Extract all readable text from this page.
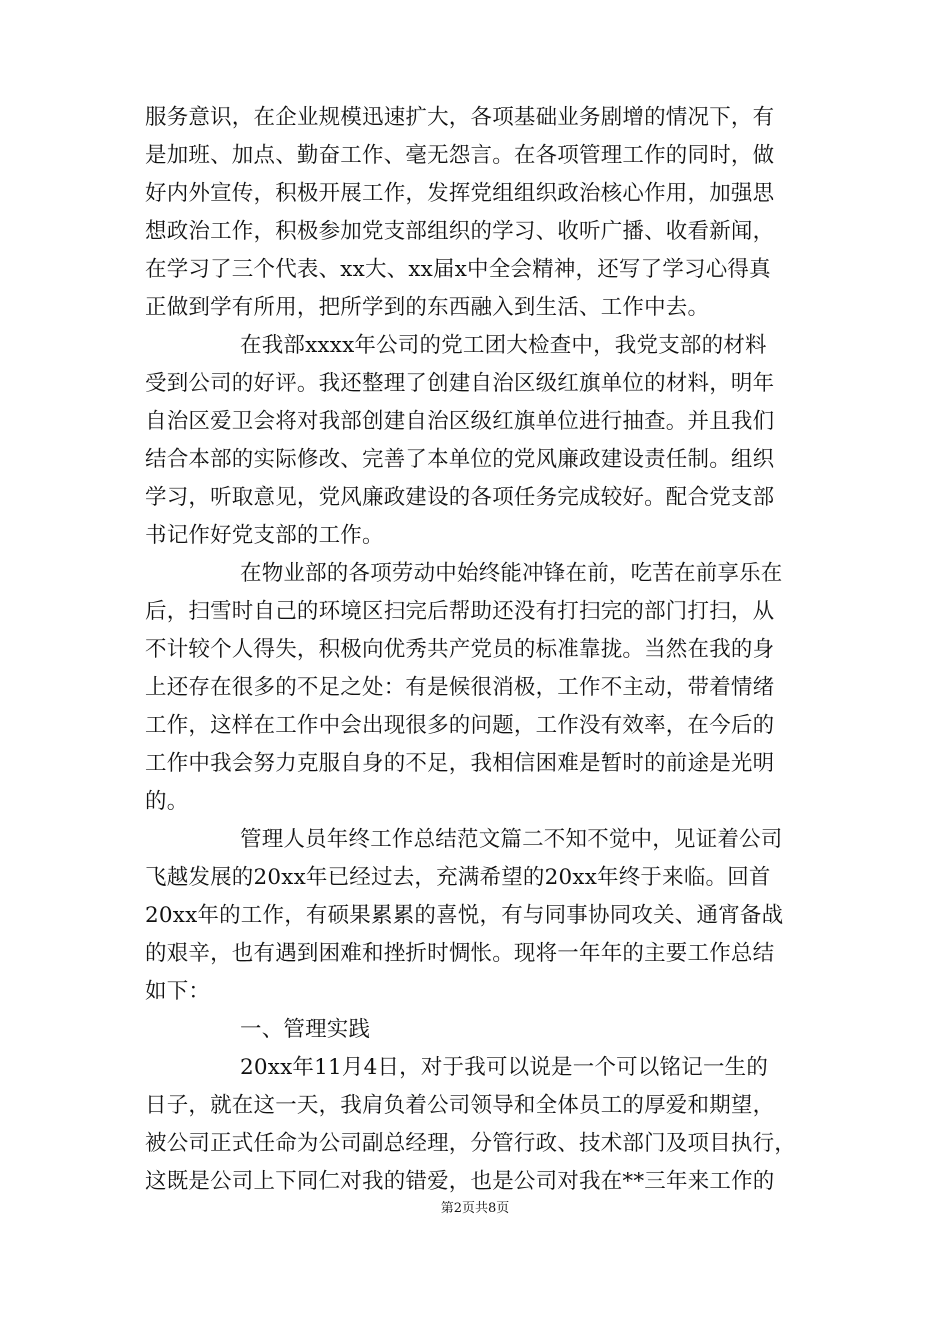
服务意识，在企业规模迅速扩大，各项基础业务剧增的情况下，有
是加班、加点、勤奋工作、毫无怨言。在各项管理工作的同时，做
好内外宣传，积极开展工作，发挥党组组织政治核心作用，加强思
想政治工作，积极参加党支部组织的学习、收听广播、收看新闻，
在学习了三个代表、xx大、xx届x中全会精神，还写了学习心得真
正做到学有所用，把所学到的东西融入到生活、工作中去。
在我部xxxx年公司的党工团大检查中，我党支部的材料
受到公司的好评。我还整理了创建自治区级红旗单位的材料，明年
自治区爱卫会将对我部创建自治区级红旗单位进行抽查。并且我们
结合本部的实际修改、完善了本单位的党风廉政建设责任制。组织
学习，听取意见，党风廉政建设的各项任务完成较好。配合党支部
书记作好党支部的工作。
在物业部的各项劳动中始终能冲锋在前，吃苦在前享乐在
后，扫雪时自己的环境区扫完后帮助还没有打扫完的部门打扫，从
不计较个人得失，积极向优秀共产党员的标准靠拢。当然在我的身
上还存在很多的不足之处：有是候很消极，工作不主动，带着情绪
工作，这样在工作中会出现很多的问题，工作没有效率，在今后的
工作中我会努力克服自身的不足，我相信困难是暂时的前途是光明
的。
管理人员年终工作总结范文篇二不知不觉中，见证着公司
飞越发展的20xx年已经过去，充满希望的20xx年终于来临。回首
20xx年的工作，有硕果累累的喜悦，有与同事协同攻关、通宵备战
的艰辛，也有遇到困难和挫折时惆怅。现将一年年的主要工作总结
如下：
一、管理实践
20xx年11月4日，对于我可以说是一个可以铭记一生的
日子，就在这一天，我肩负着公司领导和全体员工的厚爱和期望，
被公司正式任命为公司副总经理，分管行政、技术部门及项目执行，
第2页共8页
这既是公司上下同仁对我的错爱，也是公司对我在**三年来工作的
